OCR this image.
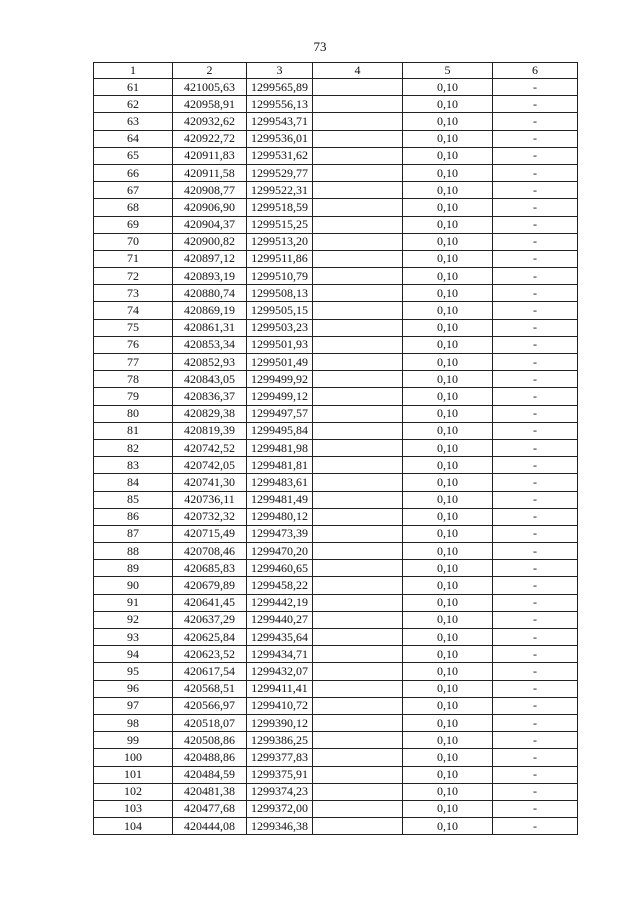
73
1	2	3	4	5	6
61	421005,63	1299565,89		0,10	-
62	420958,91	1299556,13		0,10	-
63	420932,62	1299543,71		0,10	-
64	420922,72	1299536,01		0,10	-
65	420911,83	1299531,62		0,10	-
66	420911,58	1299529,77		0,10	-
67	420908,77	1299522,31		0,10	-
68	420906,90	1299518,59		0,10	-
69	420904,37	1299515,25		0,10	-
70	420900,82	1299513,20		0,10	-
71	420897,12	1299511,86		0,10	-
72	420893,19	1299510,79		0,10	-
73	420880,74	1299508,13		0,10	-
74	420869,19	1299505,15		0,10	-
75	420861,31	1299503,23		0,10	-
76	420853,34	1299501,93		0,10	-
77	420852,93	1299501,49		0,10	-
78	420843,05	1299499,92		0,10	-
79	420836,37	1299499,12		0,10	-
80	420829,38	1299497,57		0,10	-
81	420819,39	1299495,84		0,10	-
82	420742,52	1299481,98		0,10	-
83	420742,05	1299481,81		0,10	-
84	420741,30	1299483,61		0,10	-
85	420736,11	1299481,49		0,10	-
86	420732,32	1299480,12		0,10	-
87	420715,49	1299473,39		0,10	-
88	420708,46	1299470,20		0,10	-
89	420685,83	1299460,65		0,10	-
90	420679,89	1299458,22		0,10	-
91	420641,45	1299442,19		0,10	-
92	420637,29	1299440,27		0,10	-
93	420625,84	1299435,64		0,10	-
94	420623,52	1299434,71		0,10	-
95	420617,54	1299432,07		0,10	-
96	420568,51	1299411,41		0,10	-
97	420566,97	1299410,72		0,10	-
98	420518,07	1299390,12		0,10	-
99	420508,86	1299386,25		0,10	-
100	420488,86	1299377,83		0,10	-
101	420484,59	1299375,91		0,10	-
102	420481,38	1299374,23		0,10	-
103	420477,68	1299372,00		0,10	-
104	420444,08	1299346,38		0,10	-
